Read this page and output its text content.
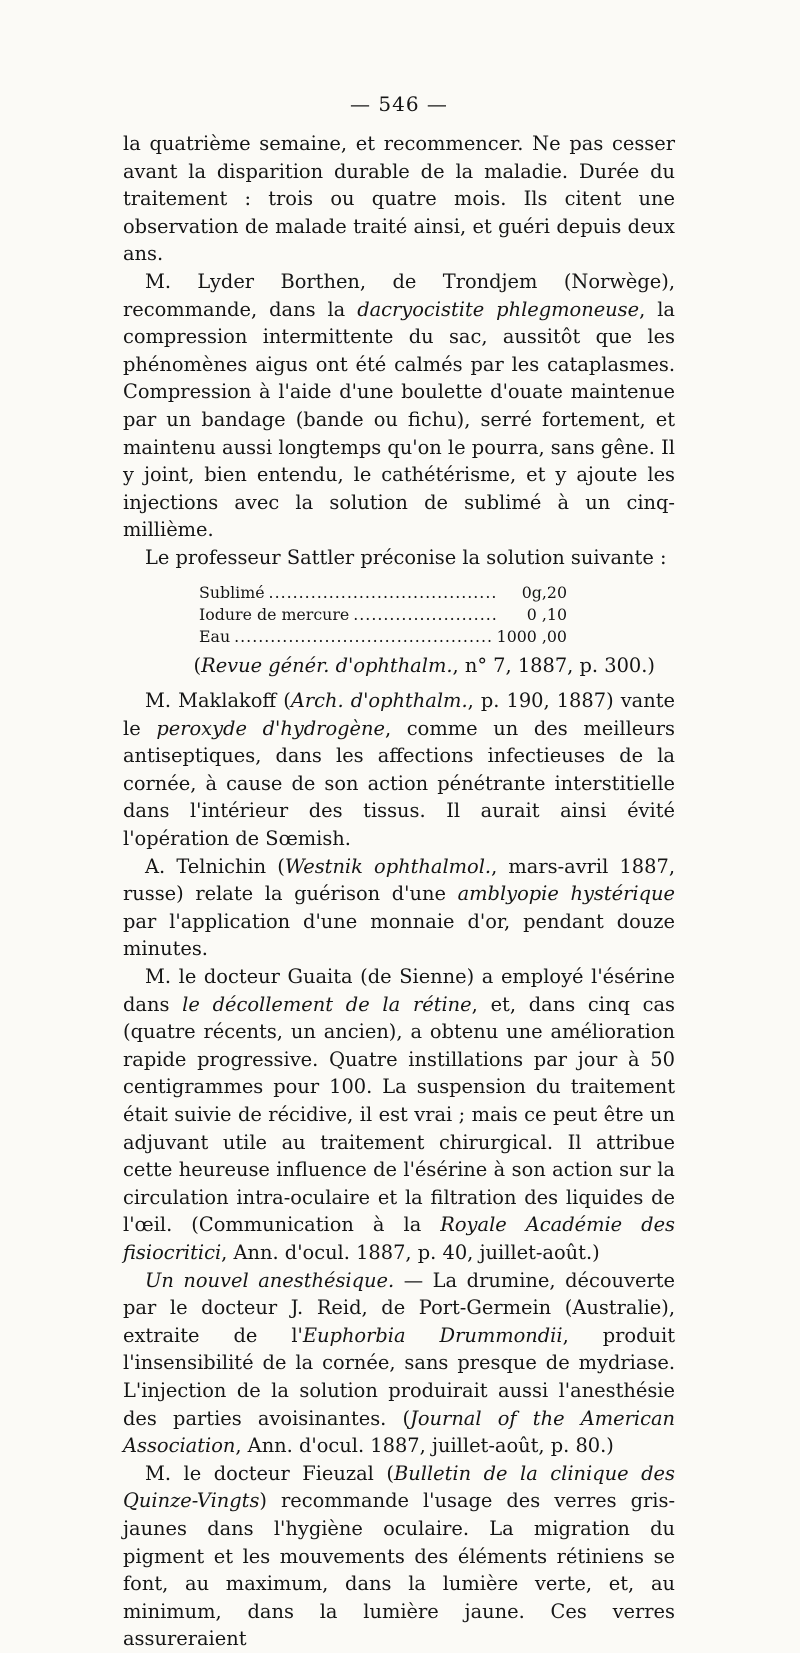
— 546 —

la quatrième semaine, et recommencer. Ne pas cesser avant la disparition durable de la maladie. Durée du traitement : trois ou quatre mois. Ils citent une observation de malade traité ainsi, et guéri depuis deux ans.

M. Lyder Borthen, de Trondjem (Norwège), recommande, dans la dacryocistite phlegmoneuse, la compression intermittente du sac, aussitôt que les phénomènes aigus ont été calmés par les cataplasmes. Compression à l'aide d'une boulette d'ouate maintenue par un bandage (bande ou fichu), serré fortement, et maintenu aussi longtemps qu'on le pourra, sans gêne. Il y joint, bien entendu, le cathétérisme, et y ajoute les injections avec la solution de sublimé à un cinq-millième.

Le professeur Sattler préconise la solution suivante :

Sublimé .....	0g,20
Iodure de mercure .....	0 ,10
Eau .....	1000 ,00
(Revue génér. d'ophthalm., n° 7, 1887, p. 300.)

M. Maklakoff (Arch. d'ophthalm., p. 190, 1887) vante le peroxyde d'hydrogène, comme un des meilleurs antiseptiques, dans les affections infectieuses de la cornée, à cause de son action pénétrante interstitielle dans l'intérieur des tissus. Il aurait ainsi évité l'opération de Sœmish.

A. Telnichin (Westnik ophthalmol., mars-avril 1887, russe) relate la guérison d'une amblyopie hystérique par l'application d'une monnaie d'or, pendant douze minutes.

M. le docteur Guaita (de Sienne) a employé l'ésérine dans le décollement de la rétine, et, dans cinq cas (quatre récents, un ancien), a obtenu une amélioration rapide progressive. Quatre instillations par jour à 50 centigrammes pour 100. La suspension du traitement était suivie de récidive, il est vrai ; mais ce peut être un adjuvant utile au traitement chirurgical. Il attribue cette heureuse influence de l'ésérine à son action sur la circulation intra-oculaire et la filtration des liquides de l'œil. (Communication à la Royale Académie des fisiocritici, Ann. d'ocul. 1887, p. 40, juillet-août.)

Un nouvel anesthésique. — La drumine, découverte par le docteur J. Reid, de Port-Germein (Australie), extraite de l'Euphorbia Drummondii, produit l'insensibilité de la cornée, sans presque de mydriase. L'injection de la solution produirait aussi l'anesthésie des parties avoisinantes. (Journal of the American Association, Ann. d'ocul. 1887, juillet-août, p. 80.)

M. le docteur Fieuzal (Bulletin de la clinique des Quinze-Vingts) recommande l'usage des verres gris-jaunes dans l'hygiène oculaire. La migration du pigment et les mouvements des éléments rétiniens se font, au maximum, dans la lumière verte, et, au minimum, dans la lumière jaune. Ces verres assureraient
